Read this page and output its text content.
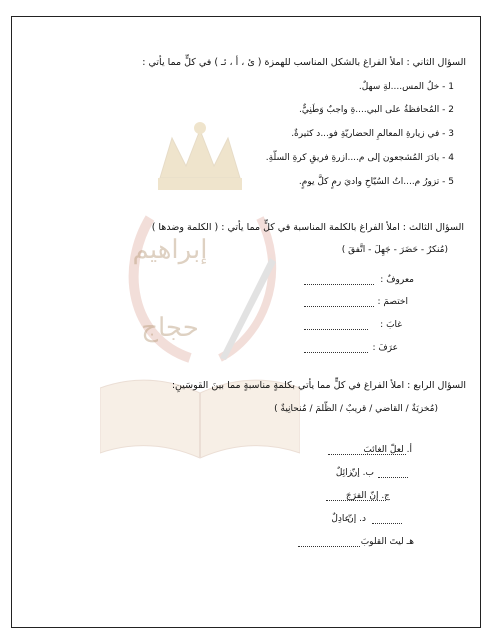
إبراهيم
حجاج
السؤال الثاني : املأ الفراغ بالشكل المناسب للهمزة ( ئ ، أ ، ئـ ) في كلٍّ مما يأتي :
1 - خلُ المس....لةِ سهلٌ.
2 - المُحافظةُ على البي....ةِ واجبٌ وَطَنِيٌّ.
3 - في زيارةِ المعالمِ الحضاريّةِ فو...د كثيرةٌ.
4 - بادَرَ المُشجعون إلى م....ازرةِ فريقِ كرةِ السلّةِ.
5 - تزورُ م....اتُ السُيّاحِ واديَ رمٍ كلَّ يومٍ.
السؤال الثالث : املأ الفراغ بالكلمة المناسبة في كلٍّ مما يأتي : ( الكلمة وضدها )
(مُنكرٌ - حَضَرَ - جَهِلَ - اتَّفقَ )
معروفٌ :
اختصمَ :
غابَ :
عرَفَ :
السؤال الرابع : املأ الفراغ في كلٍّ مما يأتي بكلمةٍ مناسبةٍ مما بينَ القوسَينِ:
(مُخزيَةٌ / القاضي / قريبٌ / الظّلمَ / مُنحانِيةٌ )
أ. لعلّ الغائبَ
ب. إنّ
زائِلٌ
ج. إنّ الفرَجَ
د. إنّ
عادِلٌ
هـ ليتَ القلوبَ
